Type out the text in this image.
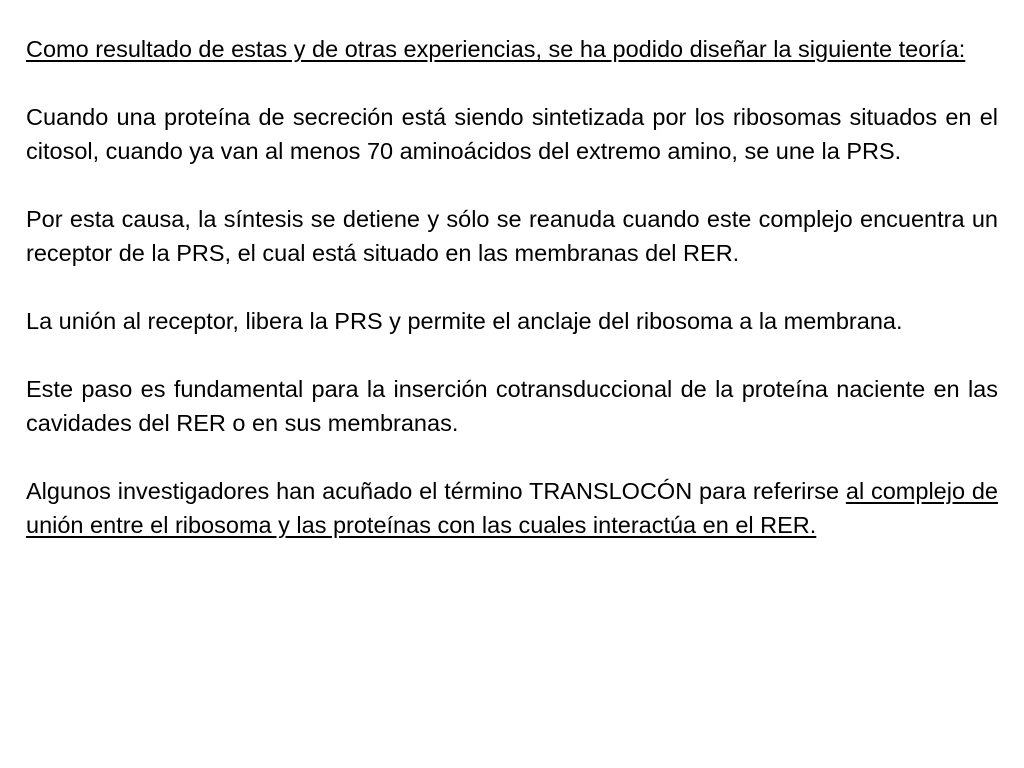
Como resultado de estas y de otras experiencias, se ha podido diseñar la siguiente teoría:

Cuando una proteína de secreción está siendo sintetizada por los ribosomas situados en el citosol, cuando ya van al menos 70 aminoácidos del extremo amino, se une la PRS.

Por esta causa, la síntesis se detiene y sólo se reanuda cuando este complejo encuentra un receptor de la PRS, el cual está situado en las membranas del RER.

La unión al receptor, libera la PRS y permite el anclaje del ribosoma a la membrana.

Este paso es fundamental para la inserción cotransduccional de la proteína naciente en las cavidades del RER o en sus membranas.

Algunos investigadores han acuñado el término TRANSLOCÓN para referirse al complejo de unión entre el ribosoma y las proteínas con las cuales interactúa en el RER.
